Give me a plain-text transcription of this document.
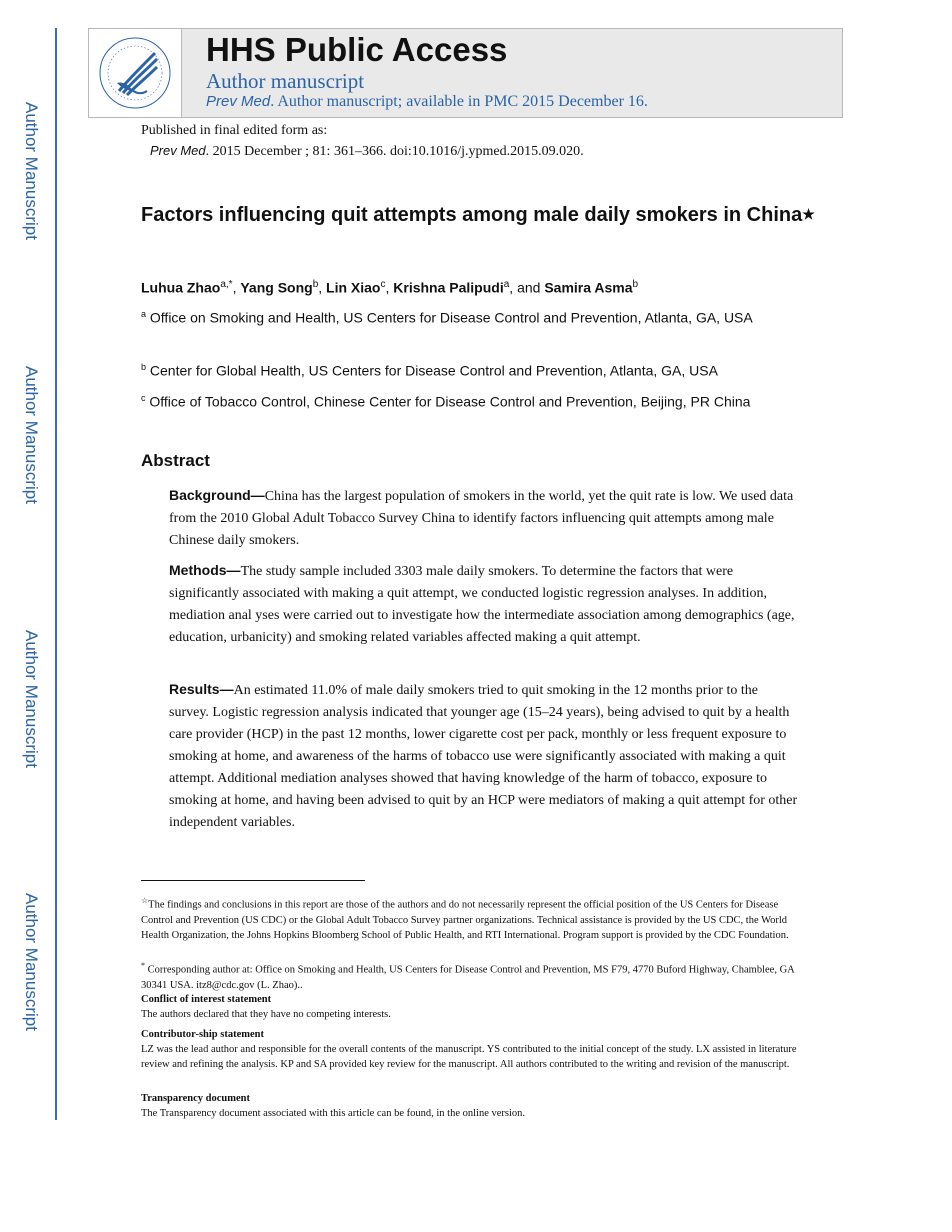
Author Manuscript
Author Manuscript
Author Manuscript
Author Manuscript
HHS Public Access
Author manuscript
Prev Med. Author manuscript; available in PMC 2015 December 16.
Published in final edited form as:
Prev Med. 2015 December ; 81: 361–366. doi:10.1016/j.ypmed.2015.09.020.
Factors influencing quit attempts among male daily smokers in China★
Luhua Zhao$^{a,*}$, Yang Song$^b$, Lin Xiao$^c$, Krishna Palipudi$^a$, and Samira Asma$^b$
$^a$ Office on Smoking and Health, US Centers for Disease Control and Prevention, Atlanta, GA, USA
$^b$ Center for Global Health, US Centers for Disease Control and Prevention, Atlanta, GA, USA
$^c$ Office of Tobacco Control, Chinese Center for Disease Control and Prevention, Beijing, PR China
Abstract
Background—China has the largest population of smokers in the world, yet the quit rate is low. We used data from the 2010 Global Adult Tobacco Survey China to identify factors influencing quit attempts among male Chinese daily smokers.
Methods—The study sample included 3303 male daily smokers. To determine the factors that were significantly associated with making a quit attempt, we conducted logistic regression analyses. In addition, mediation anal yses were carried out to investigate how the intermediate association among demographics (age, education, urbanicity) and smoking related variables affected making a quit attempt.
Results—An estimated 11.0% of male daily smokers tried to quit smoking in the 12 months prior to the survey. Logistic regression analysis indicated that younger age (15–24 years), being advised to quit by a health care provider (HCP) in the past 12 months, lower cigarette cost per pack, monthly or less frequent exposure to smoking at home, and awareness of the harms of tobacco use were significantly associated with making a quit attempt. Additional mediation analyses showed that having knowledge of the harm of tobacco, exposure to smoking at home, and having been advised to quit by an HCP were mediators of making a quit attempt for other independent variables.
☆The findings and conclusions in this report are those of the authors and do not necessarily represent the official position of the US Centers for Disease Control and Prevention (US CDC) or the Global Adult Tobacco Survey partner organizations. Technical assistance is provided by the US CDC, the World Health Organization, the Johns Hopkins Bloomberg School of Public Health, and RTI International. Program support is provided by the CDC Foundation.
* Corresponding author at: Office on Smoking and Health, US Centers for Disease Control and Prevention, MS F79, 4770 Buford Highway, Chamblee, GA 30341 USA. itz8@cdc.gov (L. Zhao)..
Conflict of interest statement
The authors declared that they have no competing interests.
Contributor-ship statement
LZ was the lead author and responsible for the overall contents of the manuscript. YS contributed to the initial concept of the study. LX assisted in literature review and refining the analysis. KP and SA provided key review for the manuscript. All authors contributed to the writing and revision of the manuscript.
Transparency document
The Transparency document associated with this article can be found, in the online version.
